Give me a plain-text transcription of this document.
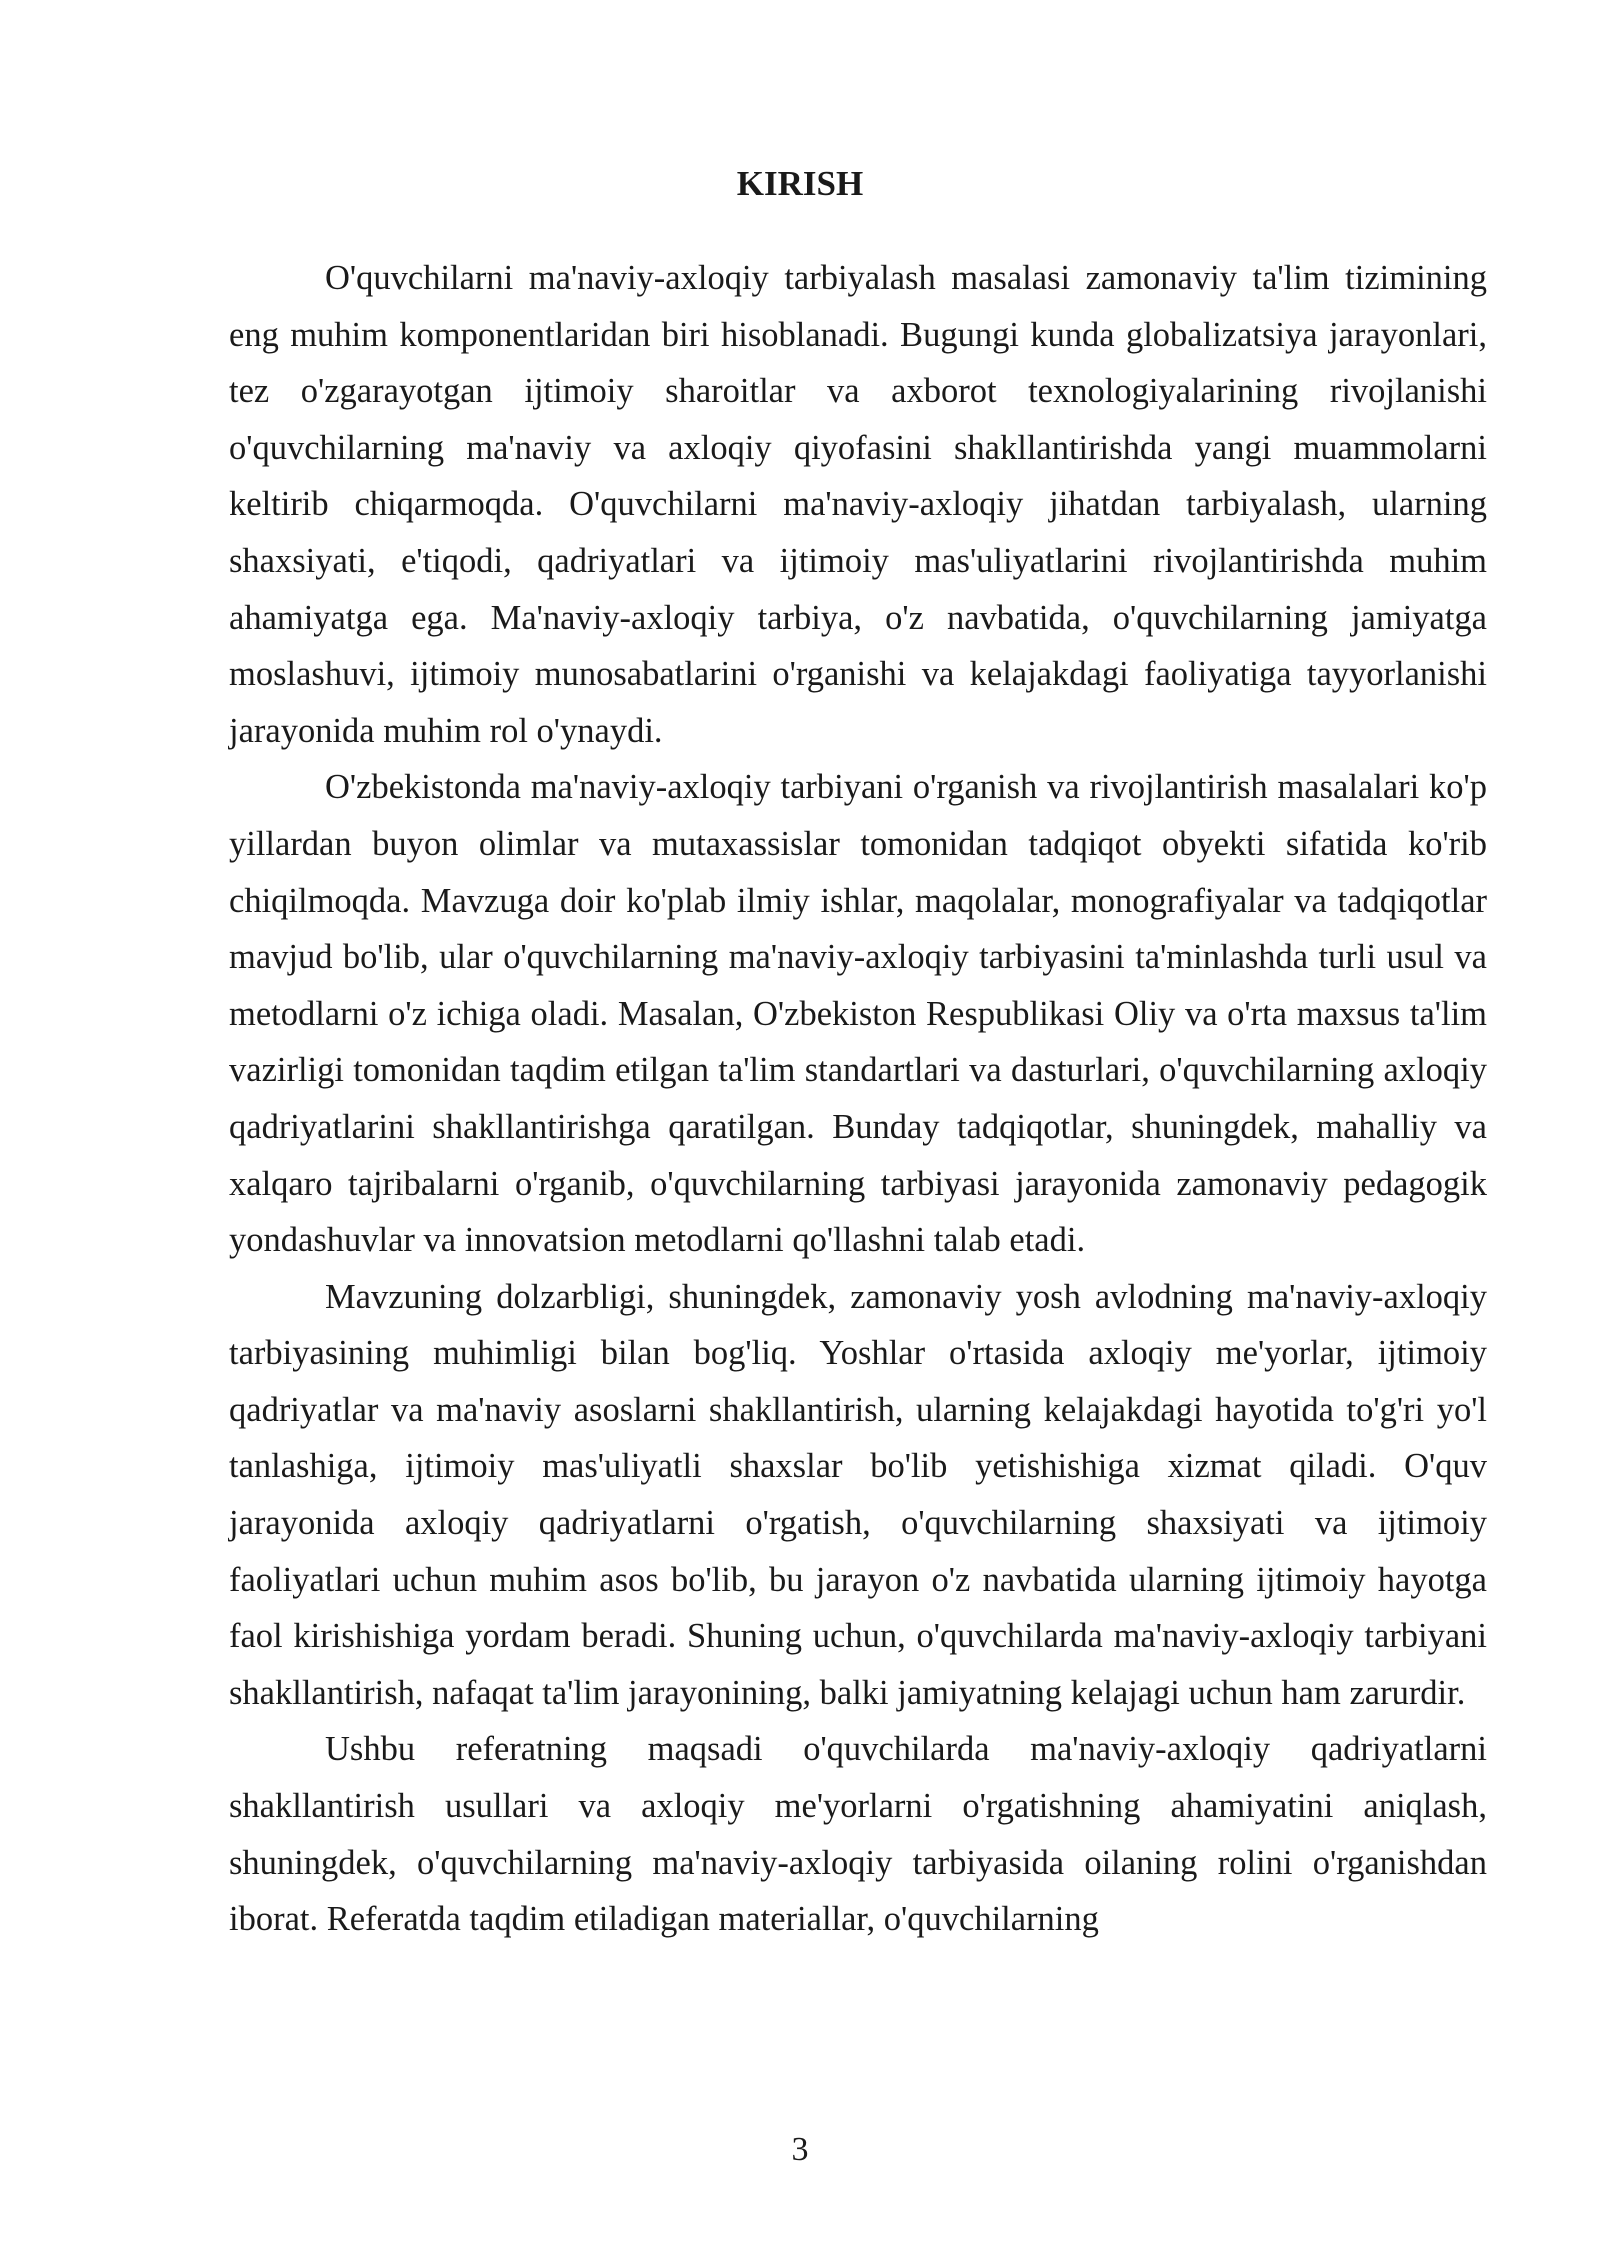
KIRISH

O'quvchilarni ma'naviy-axloqiy tarbiyalash masalasi zamonaviy ta'lim tizimining eng muhim komponentlaridan biri hisoblanadi. Bugungi kunda globalizatsiya jarayonlari, tez o'zgarayotgan ijtimoiy sharoitlar va axborot texnologiyalarining rivojlanishi o'quvchilarning ma'naviy va axloqiy qiyofasini shakllantirishda yangi muammolarni keltirib chiqarmoqda. O'quvchilarni ma'naviy-axloqiy jihatdan tarbiyalash, ularning shaxsiyati, e'tiqodi, qadriyatlari va ijtimoiy mas'uliyatlarini rivojlantirishda muhim ahamiyatga ega. Ma'naviy-axloqiy tarbiya, o'z navbatida, o'quvchilarning jamiyatga moslashuvi, ijtimoiy munosabatlarini o'rganishi va kelajakdagi faoliyatiga tayyorlanishi jarayonida muhim rol o'ynaydi.

O'zbekistonda ma'naviy-axloqiy tarbiyani o'rganish va rivojlantirish masalalari ko'p yillardan buyon olimlar va mutaxassislar tomonidan tadqiqot obyekti sifatida ko'rib chiqilmoqda. Mavzuga doir ko'plab ilmiy ishlar, maqolalar, monografiyalar va tadqiqotlar mavjud bo'lib, ular o'quvchilarning ma'naviy-axloqiy tarbiyasini ta'minlashda turli usul va metodlarni o'z ichiga oladi. Masalan, O'zbekiston Respublikasi Oliy va o'rta maxsus ta'lim vazirligi tomonidan taqdim etilgan ta'lim standartlari va dasturlari, o'quvchilarning axloqiy qadriyatlarini shakllantirishga qaratilgan. Bunday tadqiqotlar, shuningdek, mahalliy va xalqaro tajribalarni o'rganib, o'quvchilarning tarbiyasi jarayonida zamonaviy pedagogik yondashuvlar va innovatsion metodlarni qo'llashni talab etadi.

Mavzuning dolzarbligi, shuningdek, zamonaviy yosh avlodning ma'naviy-axloqiy tarbiyasining muhimligi bilan bog'liq. Yoshlar o'rtasida axloqiy me'yorlar, ijtimoiy qadriyatlar va ma'naviy asoslarni shakllantirish, ularning kelajakdagi hayotida to'g'ri yo'l tanlashiga, ijtimoiy mas'uliyatli shaxslar bo'lib yetishishiga xizmat qiladi. O'quv jarayonida axloqiy qadriyatlarni o'rgatish, o'quvchilarning shaxsiyati va ijtimoiy faoliyatlari uchun muhim asos bo'lib, bu jarayon o'z navbatida ularning ijtimoiy hayotga faol kirishishiga yordam beradi. Shuning uchun, o'quvchilarda ma'naviy-axloqiy tarbiyani shakllantirish, nafaqat ta'lim jarayonining, balki jamiyatning kelajagi uchun ham zarurdir.

Ushbu referatning maqsadi o'quvchilarda ma'naviy-axloqiy qadriyatlarni shakllantirish usullari va axloqiy me'yorlarni o'rgatishning ahamiyatini aniqlash, shuningdek, o'quvchilarning ma'naviy-axloqiy tarbiyasida oilaning rolini o'rganishdan iborat. Referatda taqdim etiladigan materiallar, o'quvchilarning

3
